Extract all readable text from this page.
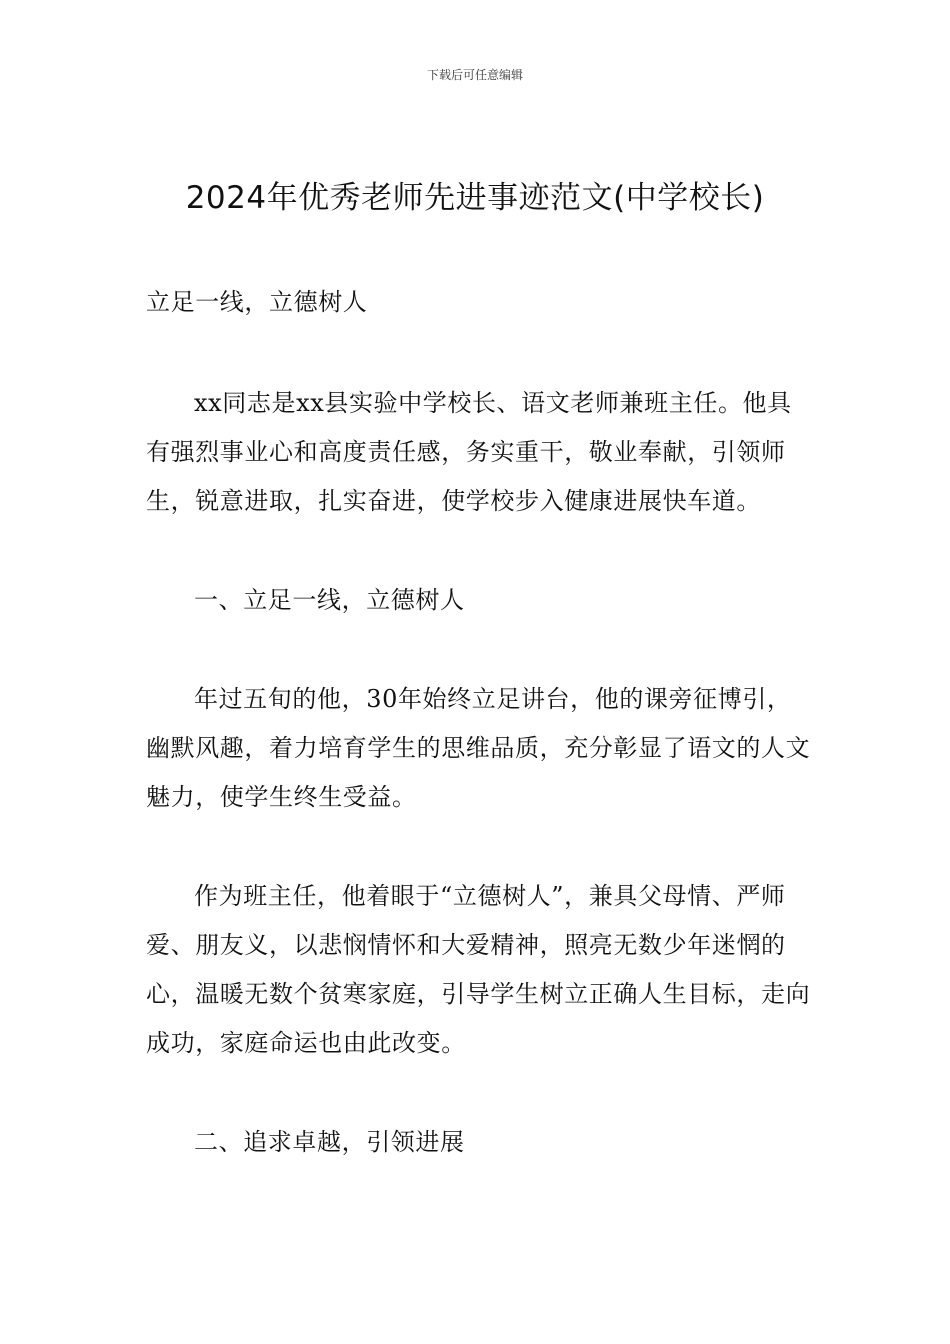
下载后可任意编辑
2024年优秀老师先进事迹范文(中学校长)

立足一线，立德树人

xx同志是xx县实验中学校长、语文老师兼班主任。他具有强烈事业心和高度责任感，务实重干，敬业奉献，引领师生，锐意进取，扎实奋进，使学校步入健康进展快车道。

一、立足一线，立德树人

年过五旬的他，30年始终立足讲台，他的课旁征博引，幽默风趣，着力培育学生的思维品质，充分彰显了语文的人文魅力，使学生终生受益。

作为班主任，他着眼于“立德树人”，兼具父母情、严师爱、朋友义，以悲悯情怀和大爱精神，照亮无数少年迷惘的心，温暖无数个贫寒家庭，引导学生树立正确人生目标，走向成功，家庭命运也由此改变。

二、追求卓越，引领进展
